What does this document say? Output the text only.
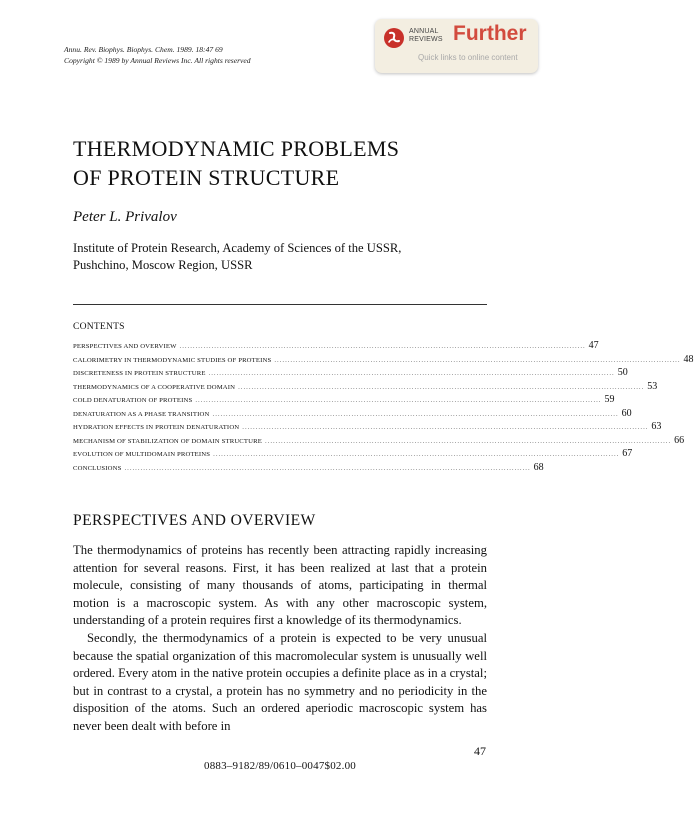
Annu. Rev. Biophys. Biophys. Chem. 1989. 18:47 69
Copyright © 1989 by Annual Reviews Inc. All rights reserved
ANNUAL
REVIEWS Further
Quick links to online content
THERMODYNAMIC PROBLEMS
OF PROTEIN STRUCTURE
Peter L. Privalov
Institute of Protein Research, Academy of Sciences of the USSR,
Pushchino, Moscow Region, USSR
CONTENTS
PERSPECTIVES AND OVERVIEW ........................................................................................................................................................ 47
CALORIMETRY IN THERMODYNAMIC STUDIES OF PROTEINS ........................................................................................................................................................ 48
DISCRETENESS IN PROTEIN STRUCTURE ........................................................................................................................................................ 50
THERMODYNAMICS OF A COOPERATIVE DOMAIN ........................................................................................................................................................ 53
COLD DENATURATION OF PROTEINS ........................................................................................................................................................ 59
DENATURATION AS A PHASE TRANSITION ........................................................................................................................................................ 60
HYDRATION EFFECTS IN PROTEIN DENATURATION ........................................................................................................................................................ 63
MECHANISM OF STABILIZATION OF DOMAIN STRUCTURE ........................................................................................................................................................ 66
EVOLUTION OF MULTIDOMAIN PROTEINS ........................................................................................................................................................ 67
CONCLUSIONS ........................................................................................................................................................ 68
PERSPECTIVES AND OVERVIEW

The thermodynamics of proteins has recently been attracting rapidly increasing attention for several reasons. First, it has been realized at last that a protein molecule, consisting of many thousands of atoms, participating in thermal motion is a macroscopic system. As with any other macroscopic system, understanding of a protein requires first a knowledge of its thermodynamics.

Secondly, the thermodynamics of a protein is expected to be very unusual because the spatial organization of this macromolecular system is unusually well ordered. Every atom in the native protein occupies a definite place as in a crystal; but in contrast to a crystal, a protein has no symmetry and no periodicity in the disposition of the atoms. Such an ordered aperiodic macroscopic system has never been dealt with before in

47
0883–9182/89/0610–0047$02.00
